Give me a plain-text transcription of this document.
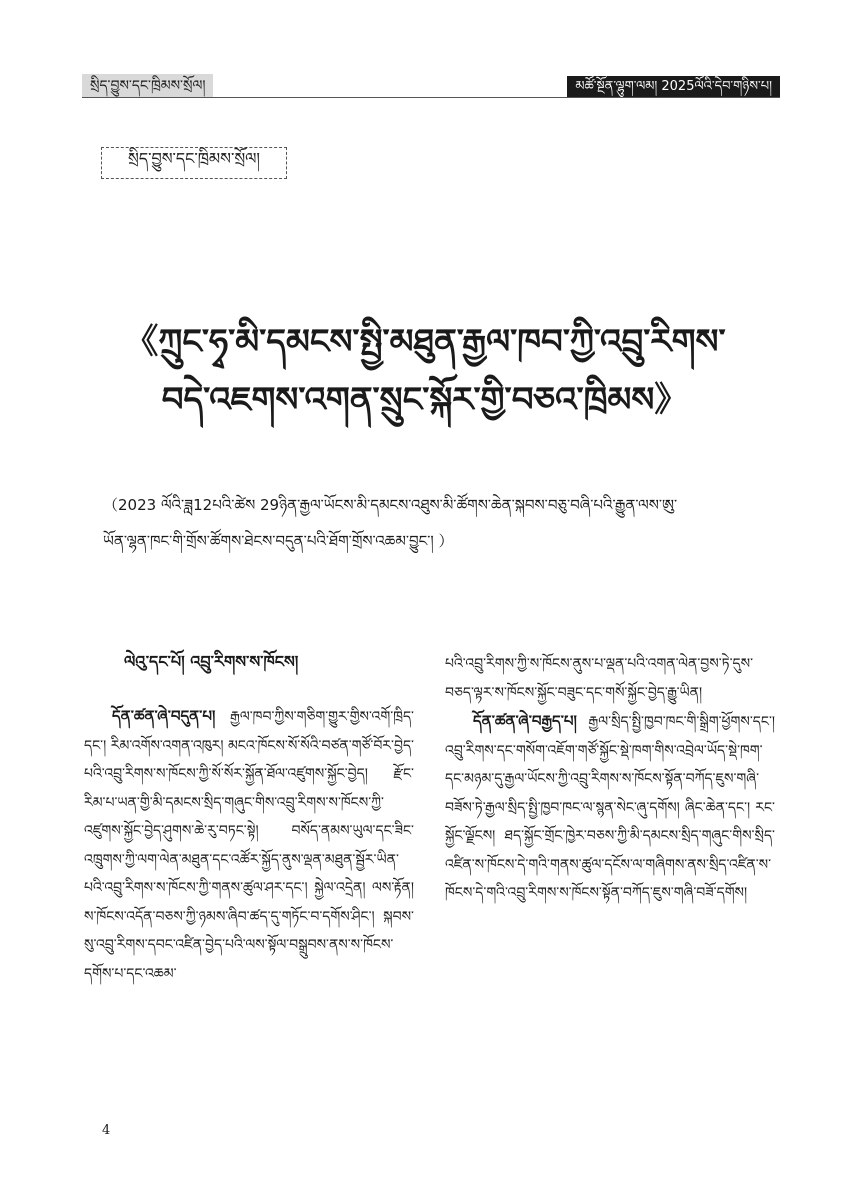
སྲིད་བྱུས་དང་ཁྲིམས་སྲོལ།	མཚོ་སྔོན་ལྷུག་ལམ། 2025ལོའི་དེབ་གཉིས་པ།
སྲིད་བྱུས་དང་ཁྲིམས་སྲོལ།
《ཀྲུང་ཧྭ་མི་དམངས་སྤྱི་མཐུན་རྒྱལ་ཁབ་ཀྱི་འབྲུ་རིགས་
བདེ་འཇགས་འགན་སྲུང་སྐོར་གྱི་བཅའ་ཁྲིམས》
（2023 ལོའི་ཟླ12པའི་ཚེས 29ཉིན་རྒྱལ་ཡོངས་མི་དམངས་འཐུས་མི་ཚོགས་ཆེན་སྐབས་བཅུ་བཞི་པའི་རྒྱུན་ལས་ཨུ་
ཡོན་ལྷན་ཁང་གི་གྲོས་ཚོགས་ཐེངས་བདུན་པའི་ཐོག་གྲོས་འཆམ་བྱུང་། ）
ལེའུ་དང་པོ། འབྲུ་རིགས་ས་ཁོངས།

དོན་ཚན་ཞེ་བདུན་པ། རྒྱལ་ཁབ་ཀྱིས་གཅིག་གྱུར་གྱིས་འགོ་ཁྲིད་དང་། རིམ་འགོས་འགན་འཁུར། མངའ་ཁོངས་སོ་སོའི་བཙན་གཙོ་བོར་བྱེད་པའི་འབྲུ་རིགས་ས་ཁོངས་ཀྱི་སོ་སོར་སྐྱོན་ཐོལ་འཛུགས་སྐྱོང་བྱེད། རྫོང་རིམ་པ་ཡན་གྱི་མི་དམངས་སྲིད་གཞུང་གིས་འབྲུ་རིགས་ས་ཁོངས་ཀྱི་འཛུགས་སྐྱོང་བྱེད་ཤུགས་ཆེ་རུ་བཏང་སྟེ། བསོད་ནམས་ཡུལ་དང་ཟིང་འཁྲུགས་ཀྱི་ལག་ལེན་མཐུན་དང་འཚོར་སྐྱོད་ནུས་ལྡན་མཐུན་སྦྱོར་ཡིན་པའི་འབྲུ་རིགས་ས་ཁོངས་ཀྱི་གནས་ཚུལ་ཤར་དང་། སྐྱེལ་འདྲེན། ལས་རྟོན། ས་ཁོངས་འདོན་བཅས་ཀྱི་ཉམས་ཞིབ་ཚད་དུ་གཏོང་བ་དགོས་ཤིང་། སྐབས་སུ་འབྲུ་རིགས་དབང་འཛིན་བྱེད་པའི་ལས་སྟོལ་བསྒྲུབས་ནས་ས་ཁོངས་དགོས་པ་དང་འཆམ་

པའི་འབྲུ་རིགས་ཀྱི་ས་ཁོངས་ནུས་པ་ལྡན་པའི་འགན་ལེན་བྱས་ཏེ་དུས་བཅད་ལྟར་ས་ཁོངས་སྐྱོང་བཟུང་དང་གསོ་སྐྱོང་བྱེད་རྒྱུ་ཡིན།

དོན་ཚན་ཞེ་བརྒྱད་པ། རྒྱལ་སྲིད་སྤྱི་ཁྱབ་ཁང་གི་སྒྲིག་ཕྱོགས་དང་། འབྲུ་རིགས་དང་གསོག་འཇོག་གཙོ་སྐྱོང་སྡེ་ཁག་གིས་འབྲེལ་ཡོད་སྡེ་ཁག་དང་མཉམ་དུ་རྒྱལ་ཡོངས་ཀྱི་འབྲུ་རིགས་ས་ཁོངས་སྟོན་བཀོད་ཇུས་གཞི་བཟོས་ཏེ་རྒྱལ་སྲིད་སྤྱི་ཁྱབ་ཁང་ལ་སྙན་སེང་ཞུ་དགོས། ཞིང་ཆེན་དང་། རང་སྐྱོང་ལྗོངས། ཐད་སྐྱོང་གྲོང་ཁྱེར་བཅས་ཀྱི་མི་དམངས་སྲིད་གཞུང་གིས་སྲིད་འཛིན་ས་ཁོངས་དེ་གའི་གནས་ཚུལ་དངོས་ལ་གཞིགས་ནས་སྲིད་འཛིན་ས་ཁོངས་དེ་གའི་འབྲུ་རིགས་ས་ཁོངས་སྟོན་བཀོད་ཇུས་གཞི་བཟོ་དགོས།

4
